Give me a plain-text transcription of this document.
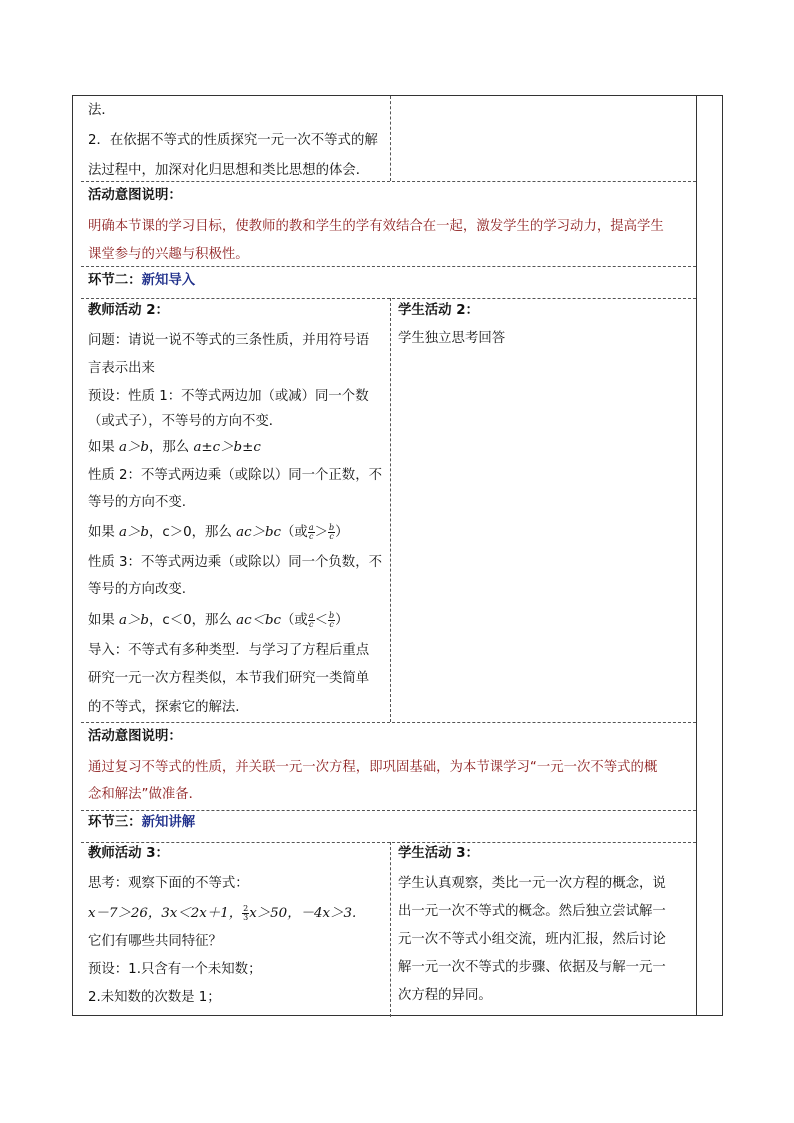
法．
2．在依据不等式的性质探究一元一次不等式的解
法过程中，加深对化归思想和类比思想的体会．
活动意图说明：
明确本节课的学习目标，使教师的教和学生的学有效结合在一起，激发学生的学习动力，提高学生
课堂参与的兴趣与积极性。
环节二：新知导入
教师活动 2：
问题：请说一说不等式的三条性质，并用符号语
言表示出来
预设：性质 1：不等式两边加（或减）同一个数
（或式子），不等号的方向不变．
如果 a＞b，那么 a±c＞b±c
性质 2：不等式两边乘（或除以）同一个正数，不
等号的方向不变.
如果 a＞b，c＞0，那么 ac＞bc（或 $\frac{a}{c} > \frac{b}{c}$ ）
性质 3：不等式两边乘（或除以）同一个负数，不
等号的方向改变.
如果 a＞b，c＜0，那么 ac＜bc（或 $\frac{a}{c} < \frac{b}{c}$ ）
导入：不等式有多种类型．与学习了方程后重点
研究一元一次方程类似，本节我们研究一类简单
的不等式，探索它的解法.
学生活动 2：
学生独立思考回答
活动意图说明：
通过复习不等式的性质，并关联一元一次方程，即巩固基础，为本节课学习“一元一次不等式的概
念和解法”做准备．
环节三：新知讲解
教师活动 3：
思考：观察下面的不等式：
x－7＞26，3x＜2x＋1， $\frac{2}{3} x>50$，－4x＞3.
它们有哪些共同特征？
预设：1.只含有一个未知数；
2.未知数的次数是 1；
学生活动 3：
学生认真观察，类比一元一次方程的概念，说
出一元一次不等式的概念。然后独立尝试解一
元一次不等式小组交流，班内汇报，然后讨论
解一元一次不等式的步骤、依据及与解一元一
次方程的异同。
